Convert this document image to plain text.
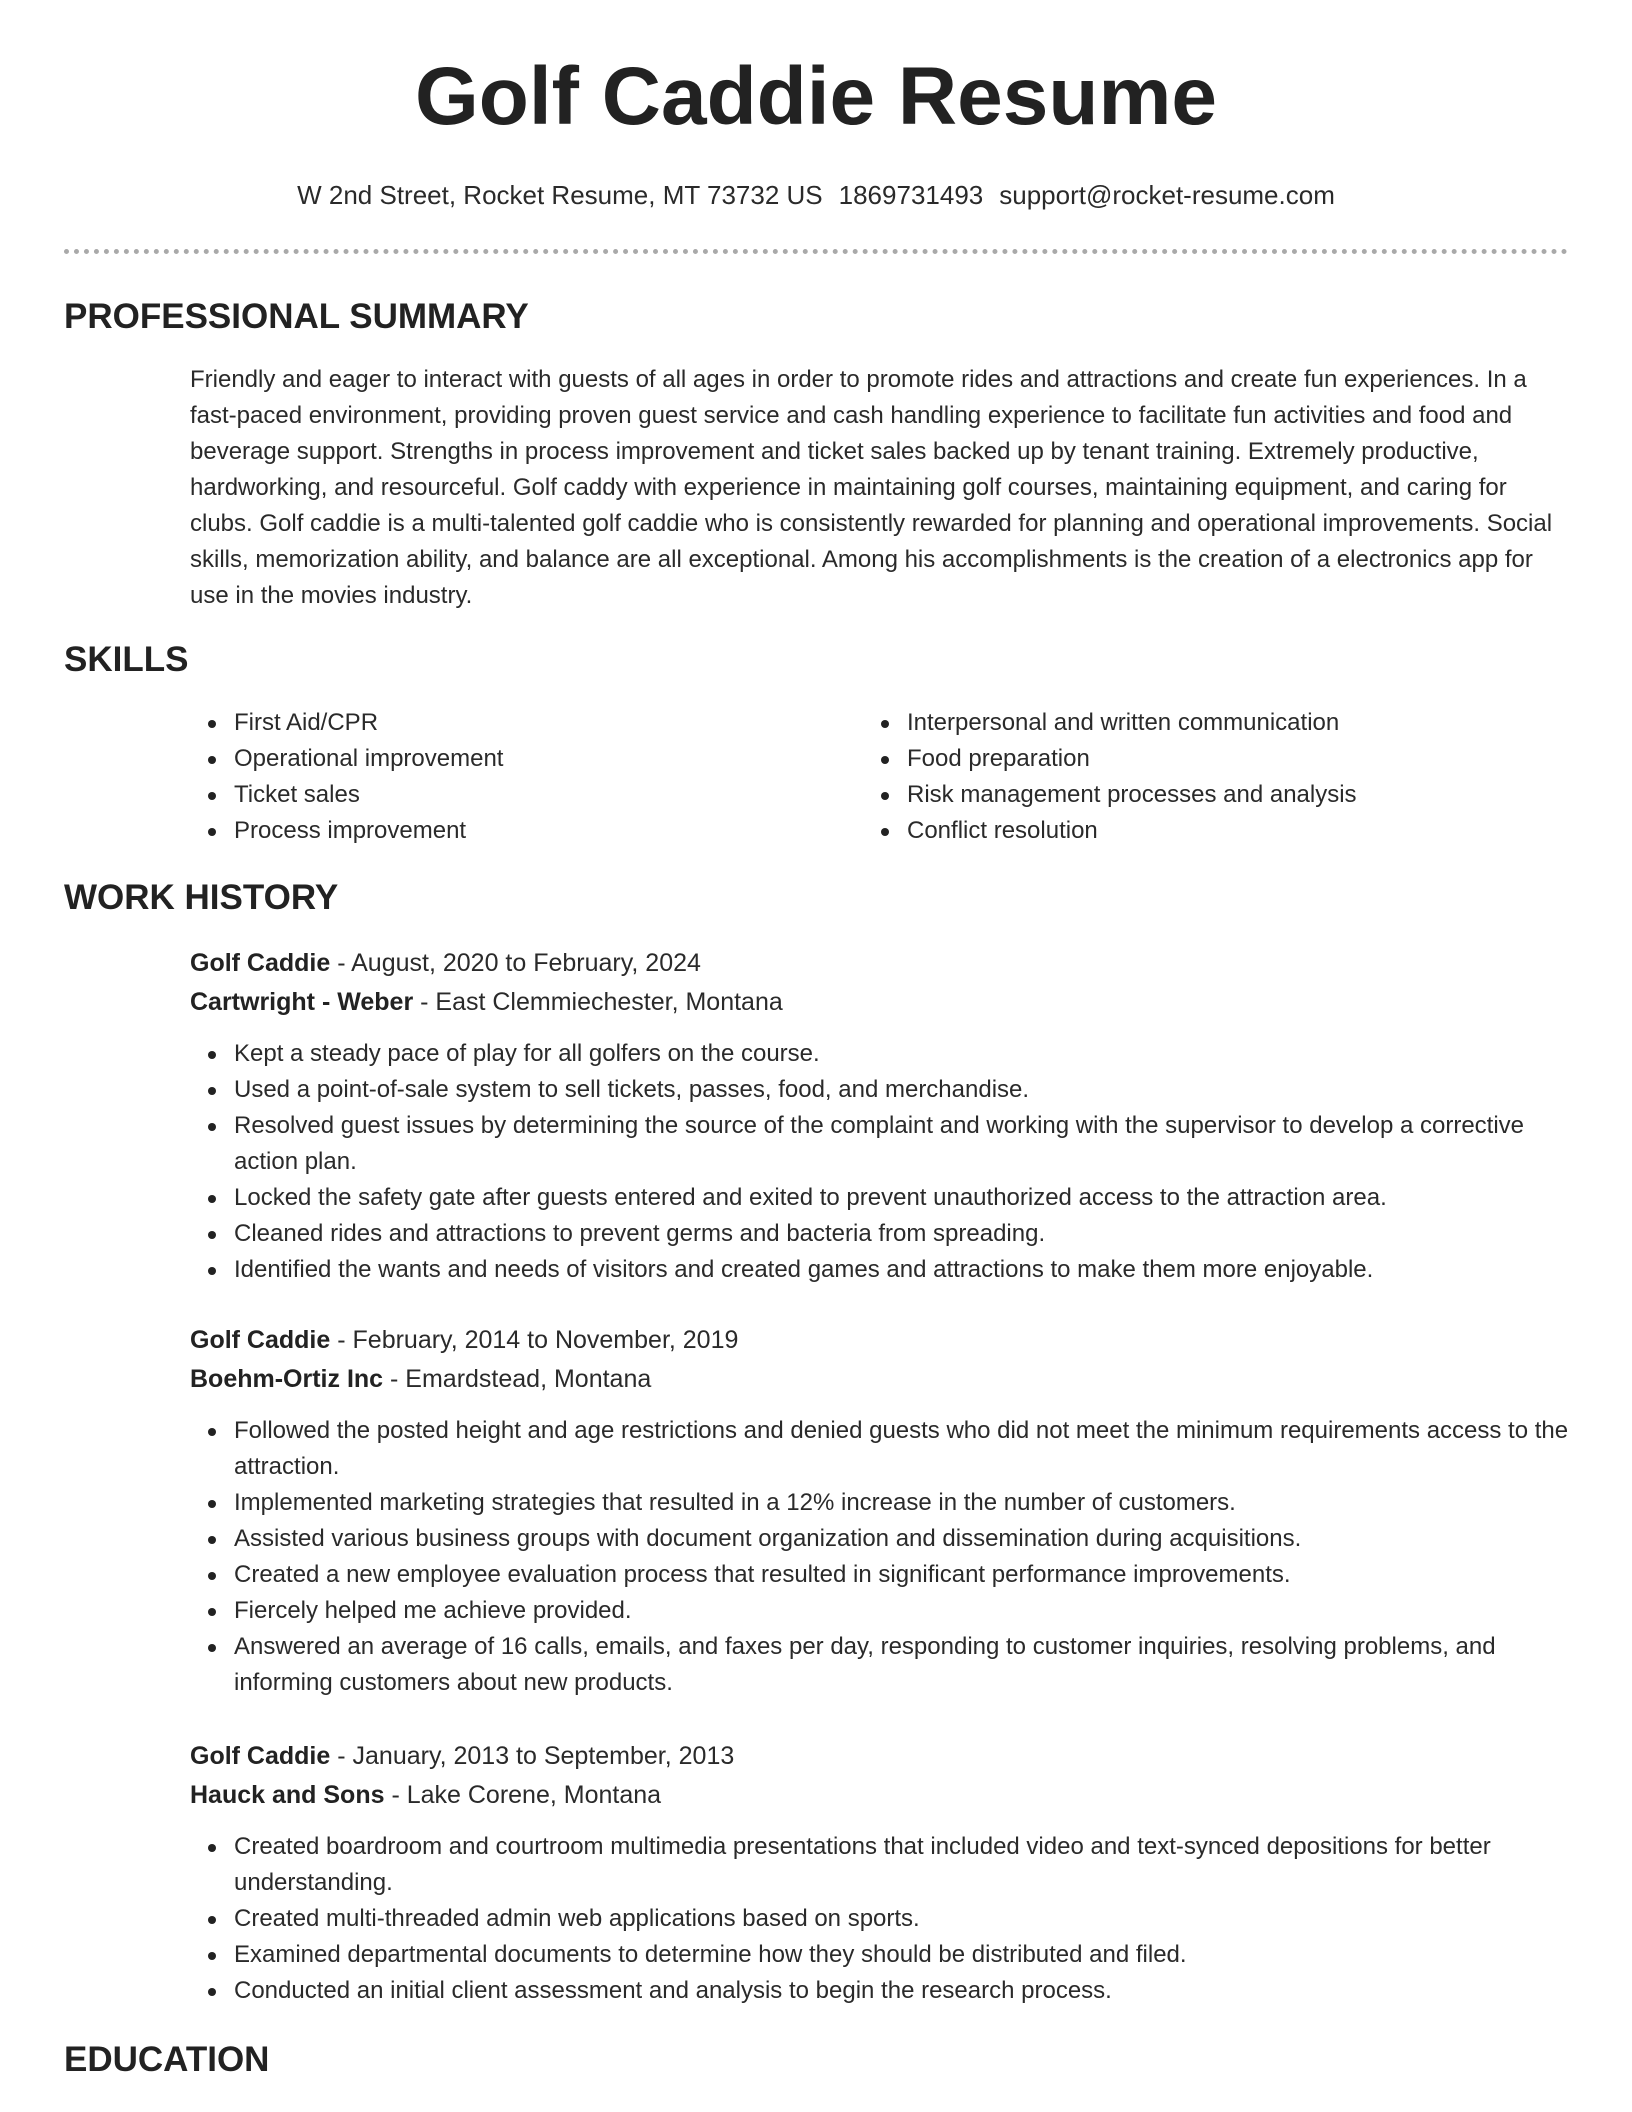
Golf Caddie Resume
W 2nd Street, Rocket Resume, MT 73732 US 1869731493 support@rocket-resume.com
PROFESSIONAL SUMMARY
Friendly and eager to interact with guests of all ages in order to promote rides and attractions and create fun experiences. In a fast-paced environment, providing proven guest service and cash handling experience to facilitate fun activities and food and beverage support. Strengths in process improvement and ticket sales backed up by tenant training. Extremely productive, hardworking, and resourceful. Golf caddy with experience in maintaining golf courses, maintaining equipment, and caring for clubs. Golf caddie is a multi-talented golf caddie who is consistently rewarded for planning and operational improvements. Social skills, memorization ability, and balance are all exceptional. Among his accomplishments is the creation of a electronics app for use in the movies industry.
SKILLS
First Aid/CPR
Operational improvement
Ticket sales
Process improvement
Interpersonal and written communication
Food preparation
Risk management processes and analysis
Conflict resolution
WORK HISTORY
Golf Caddie - August, 2020 to February, 2024
Cartwright - Weber - East Clemmiechester, Montana
Kept a steady pace of play for all golfers on the course.
Used a point-of-sale system to sell tickets, passes, food, and merchandise.
Resolved guest issues by determining the source of the complaint and working with the supervisor to develop a corrective action plan.
Locked the safety gate after guests entered and exited to prevent unauthorized access to the attraction area.
Cleaned rides and attractions to prevent germs and bacteria from spreading.
Identified the wants and needs of visitors and created games and attractions to make them more enjoyable.
Golf Caddie - February, 2014 to November, 2019
Boehm-Ortiz Inc - Emardstead, Montana
Followed the posted height and age restrictions and denied guests who did not meet the minimum requirements access to the attraction.
Implemented marketing strategies that resulted in a 12% increase in the number of customers.
Assisted various business groups with document organization and dissemination during acquisitions.
Created a new employee evaluation process that resulted in significant performance improvements.
Fiercely helped me achieve provided.
Answered an average of 16 calls, emails, and faxes per day, responding to customer inquiries, resolving problems, and informing customers about new products.
Golf Caddie - January, 2013 to September, 2013
Hauck and Sons - Lake Corene, Montana
Created boardroom and courtroom multimedia presentations that included video and text-synced depositions for better understanding.
Created multi-threaded admin web applications based on sports.
Examined departmental documents to determine how they should be distributed and filed.
Conducted an initial client assessment and analysis to begin the research process.
EDUCATION
